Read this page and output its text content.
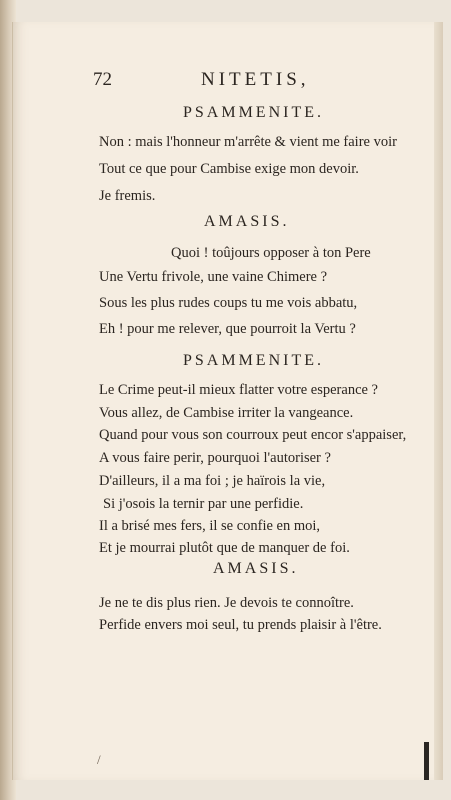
72	NITETIS,
PSAMMENITE.
Non : mais l'honneur m'arrête & vient me faire voir
Tout ce que pour Cambise exige mon devoir.
Je fremis.
AMASIS.
Quoi ! toûjours opposer à ton Pere
Une Vertu frivole, une vaine Chimere ?
Sous les plus rudes coups tu me vois abbatu,
Eh ! pour me relever, que pourroit la Vertu ?
PSAMMENITE.
Le Crime peut-il mieux flatter votre esperance ?
Vous allez, de Cambise irriter la vangeance.
Quand pour vous son courroux peut encor s'appaiser,
A vous faire perir, pourquoi l'autoriser ?
D'ailleurs, il a ma foi ; je haïrois la vie,
Si j'osois la ternir par une perfidie.
Il a brisé mes fers, il se confie en moi,
Et je mourrai plutôt que de manquer de foi.
AMASIS.
Je ne te dis plus rien. Je devois te connoître.
Perfide envers moi seul, tu prends plaisir à l'être.
/
